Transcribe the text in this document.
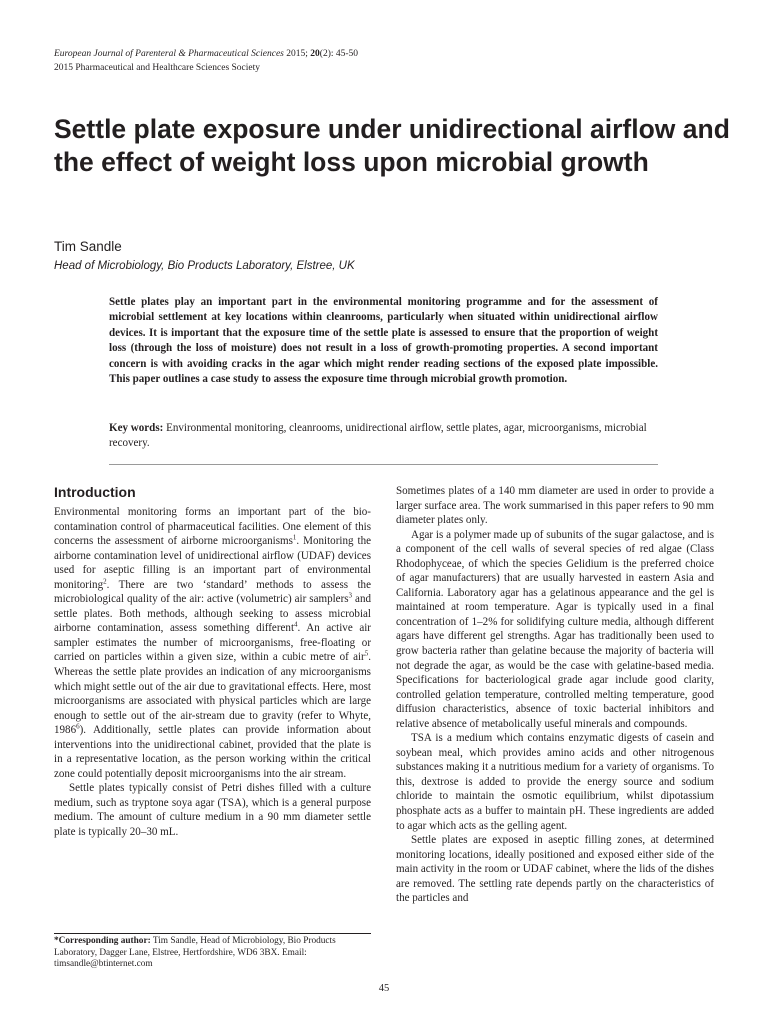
European Journal of Parenteral & Pharmaceutical Sciences 2015; 20(2): 45-50
2015 Pharmaceutical and Healthcare Sciences Society
Settle plate exposure under unidirectional airflow and the effect of weight loss upon microbial growth
Tim Sandle
Head of Microbiology, Bio Products Laboratory, Elstree, UK
Settle plates play an important part in the environmental monitoring programme and for the assessment of microbial settlement at key locations within cleanrooms, particularly when situated within unidirectional airflow devices. It is important that the exposure time of the settle plate is assessed to ensure that the proportion of weight loss (through the loss of moisture) does not result in a loss of growth-promoting properties. A second important concern is with avoiding cracks in the agar which might render reading sections of the exposed plate impossible. This paper outlines a case study to assess the exposure time through microbial growth promotion.
Key words: Environmental monitoring, cleanrooms, unidirectional airflow, settle plates, agar, microorganisms, microbial recovery.
Introduction

Environmental monitoring forms an important part of the bio-contamination control of pharmaceutical facilities. One element of this concerns the assessment of airborne microorganisms$^1$. Monitoring the airborne contamination level of unidirectional airflow (UDAF) devices used for aseptic filling is an important part of environmental monitoring$^2$. There are two ‘standard’ methods to assess the microbiological quality of the air: active (volumetric) air samplers$^3$ and settle plates. Both methods, although seeking to assess microbial airborne contamination, assess something different$^4$. An active air sampler estimates the number of microorganisms, free-floating or carried on particles within a given size, within a cubic metre of air$^5$. Whereas the settle plate provides an indication of any microorganisms which might settle out of the air due to gravitational effects. Here, most microorganisms are associated with physical particles which are large enough to settle out of the air-stream due to gravity (refer to Whyte, 1986$^6$). Additionally, settle plates can provide information about interventions into the unidirectional cabinet, provided that the plate is in a representative location, as the person working within the critical zone could potentially deposit microorganisms into the air stream.

Settle plates typically consist of Petri dishes filled with a culture medium, such as tryptone soya agar (TSA), which is a general purpose medium. The amount of culture medium in a 90 mm diameter settle plate is typically 20–30 mL.

Sometimes plates of a 140 mm diameter are used in order to provide a larger surface area. The work summarised in this paper refers to 90 mm diameter plates only.

Agar is a polymer made up of subunits of the sugar galactose, and is a component of the cell walls of several species of red algae (Class Rhodophyceae, of which the species Gelidium is the preferred choice of agar manufacturers) that are usually harvested in eastern Asia and California. Laboratory agar has a gelatinous appearance and the gel is maintained at room temperature. Agar is typically used in a final concentration of 1–2% for solidifying culture media, although different agars have different gel strengths. Agar has traditionally been used to grow bacteria rather than gelatine because the majority of bacteria will not degrade the agar, as would be the case with gelatine-based media. Specifications for bacteriological grade agar include good clarity, controlled gelation temperature, controlled melting temperature, good diffusion characteristics, absence of toxic bacterial inhibitors and relative absence of metabolically useful minerals and compounds.

TSA is a medium which contains enzymatic digests of casein and soybean meal, which provides amino acids and other nitrogenous substances making it a nutritious medium for a variety of organisms. To this, dextrose is added to provide the energy source and sodium chloride to maintain the osmotic equilibrium, whilst dipotassium phosphate acts as a buffer to maintain pH. These ingredients are added to agar which acts as the gelling agent.

Settle plates are exposed in aseptic filling zones, at determined monitoring locations, ideally positioned and exposed either side of the main activity in the room or UDAF cabinet, where the lids of the dishes are removed. The settling rate depends partly on the characteristics of the particles and

*Corresponding author: Tim Sandle, Head of Microbiology, Bio Products Laboratory, Dagger Lane, Elstree, Hertfordshire, WD6 3BX. Email: timsandle@btinternet.com
45
